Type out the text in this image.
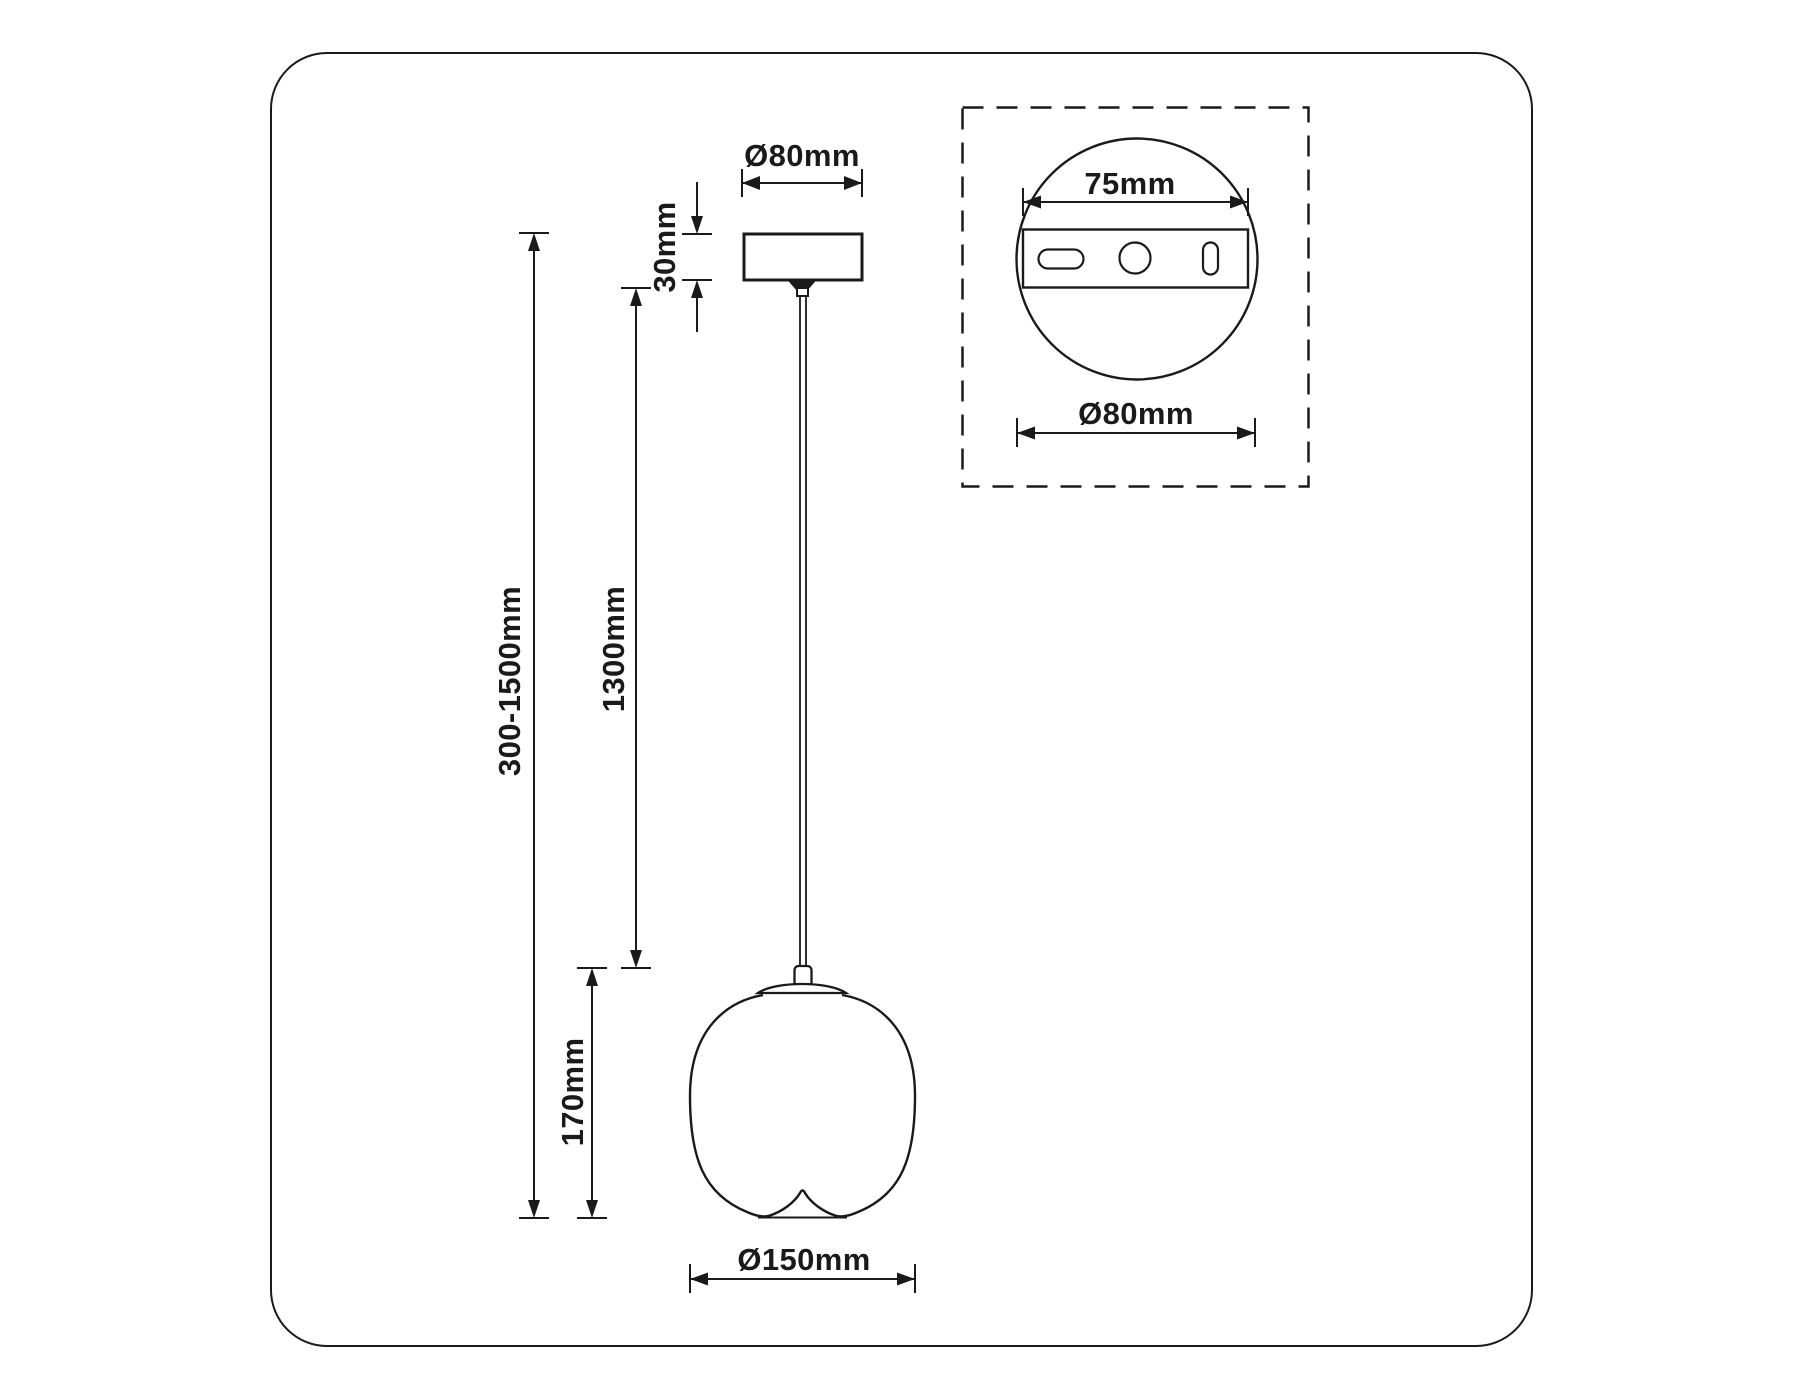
Ø80mm
30mm
300-1500mm 1300mm
170mm
Ø150mm
75mm
Ø80mm
